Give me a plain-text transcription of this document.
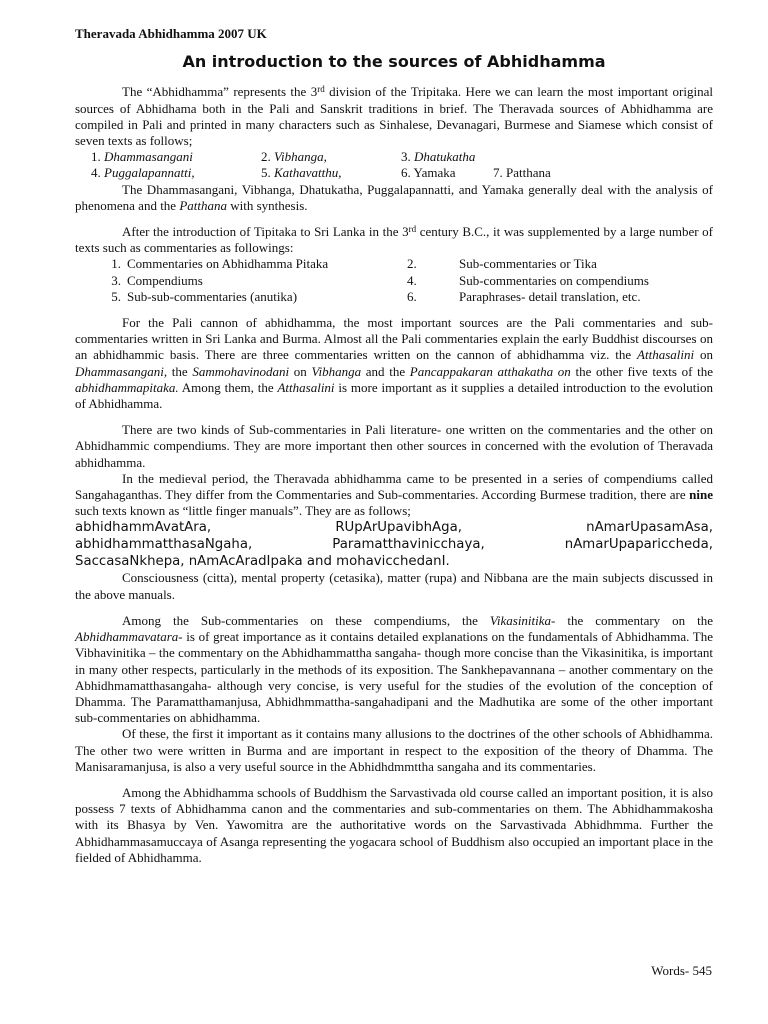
Theravada Abhidhamma 2007 UK
An introduction to the sources of Abhidhamma

The “Abhidhamma” represents the 3rd division of the Tripitaka. Here we can learn the most important original sources of Abhidhama both in the Pali and Sanskrit traditions in brief. The Theravada sources of Abhidhamma are compiled in Pali and printed in many characters such as Sinhalese, Devanagari, Burmese and Siamese which consist of seven texts as follows;

1. Dhammasangani	2. Vibhanga,	3. Dhatukatha
4. Puggalapannatti,	5. Kathavatthu,	6. Yamaka	7. Patthana

The Dhammasangani, Vibhanga, Dhatukatha, Puggalapannatti, and Yamaka generally deal with the analysis of phenomena and the Patthana with synthesis.

After the introduction of Tipitaka to Sri Lanka in the 3rd century B.C., it was supplemented by a large number of texts such as commentaries as followings:

1. Commentaries on Abhidhamma Pitaka	2.	Sub-commentaries or Tika
3. Compendiums	4.	Sub-commentaries on compendiums
5. Sub-sub-commentaries (anutika)	6.	Paraphrases- detail translation, etc.

For the Pali cannon of abhidhamma, the most important sources are the Pali commentaries and sub-commentaries written in Sri Lanka and Burma. Almost all the Pali commentaries explain the early Buddhist discourses on an abhidhammic basis. There are three commentaries written on the cannon of abhidhamma viz. the Atthasalini on Dhammasangani, the Sammohavinodani on Vibhanga and the Pancappakaran atthakatha on the other five texts of the abhidhammapitaka. Among them, the Atthasalini is more important as it supplies a detailed introduction to the evolution of Abhidhamma.

There are two kinds of Sub-commentaries in Pali literature- one written on the commentaries and the other on Abhidhammic compendiums. They are more important then other sources in concerned with the evolution of Theravada abhidhamma.

In the medieval period, the Theravada abhidhamma came to be presented in a series of compendiums called Sangahaganthas. They differ from the Commentaries and Sub-commentaries. According Burmese tradition, there are nine such texts known as “little finger manuals”. They are as follows;

abhidhammAvatAra,	RUpArUpavibhAga,	nAmarUpasamAsa,
abhidhammatthasaNgaha,	Paramatthavinicchaya,	nAmarUpapariccheda,
SaccasaNkhepa, nAmAcAradIpaka and mohavicchedanI.

Consciousness (citta), mental property (cetasika), matter (rupa) and Nibbana are the main subjects discussed in the above manuals.

Among the Sub-commentaries on these compendiums, the Vikasinitika- the commentary on the Abhidhammavatara- is of great importance as it contains detailed explanations on the fundamentals of Abhidhamma. The Vibhavinitika – the commentary on the Abhidhammattha sangaha- though more concise than the Vikasinitika, is important in many other respects, particularly in the methods of its exposition. The Sankhepavannana – another commentary on the Abhidhmamatthasangaha- although very concise, is very useful for the studies of the evolution of the conception of Dhamma. The Paramatthamanjusa, Abhidhmmattha-sangahadipani and the Madhutika are some of the other important sub-commentaries on abhidhamma.

Of these, the first it important as it contains many allusions to the doctrines of the other schools of Abhidhamma. The other two were written in Burma and are important in respect to the exposition of the theory of Dhamma. The Manisaramanjusa, is also a very useful source in the Abhidhdmmttha sangaha and its commentaries.

Among the Abhidhamma schools of Buddhism the Sarvastivada old course called an important position, it is also possess 7 texts of Abhidhamma canon and the commentaries and sub-commentaries on them. The Abhidhammakosha with its Bhasya by Ven. Yawomitra are the authoritative words on the Sarvastivada Abhidhmma. Further the Abhidhammasamuccaya of Asanga representing the yogacara school of Buddhism also occupied an important place in the fielded of Abhidhamma.

Words- 545
